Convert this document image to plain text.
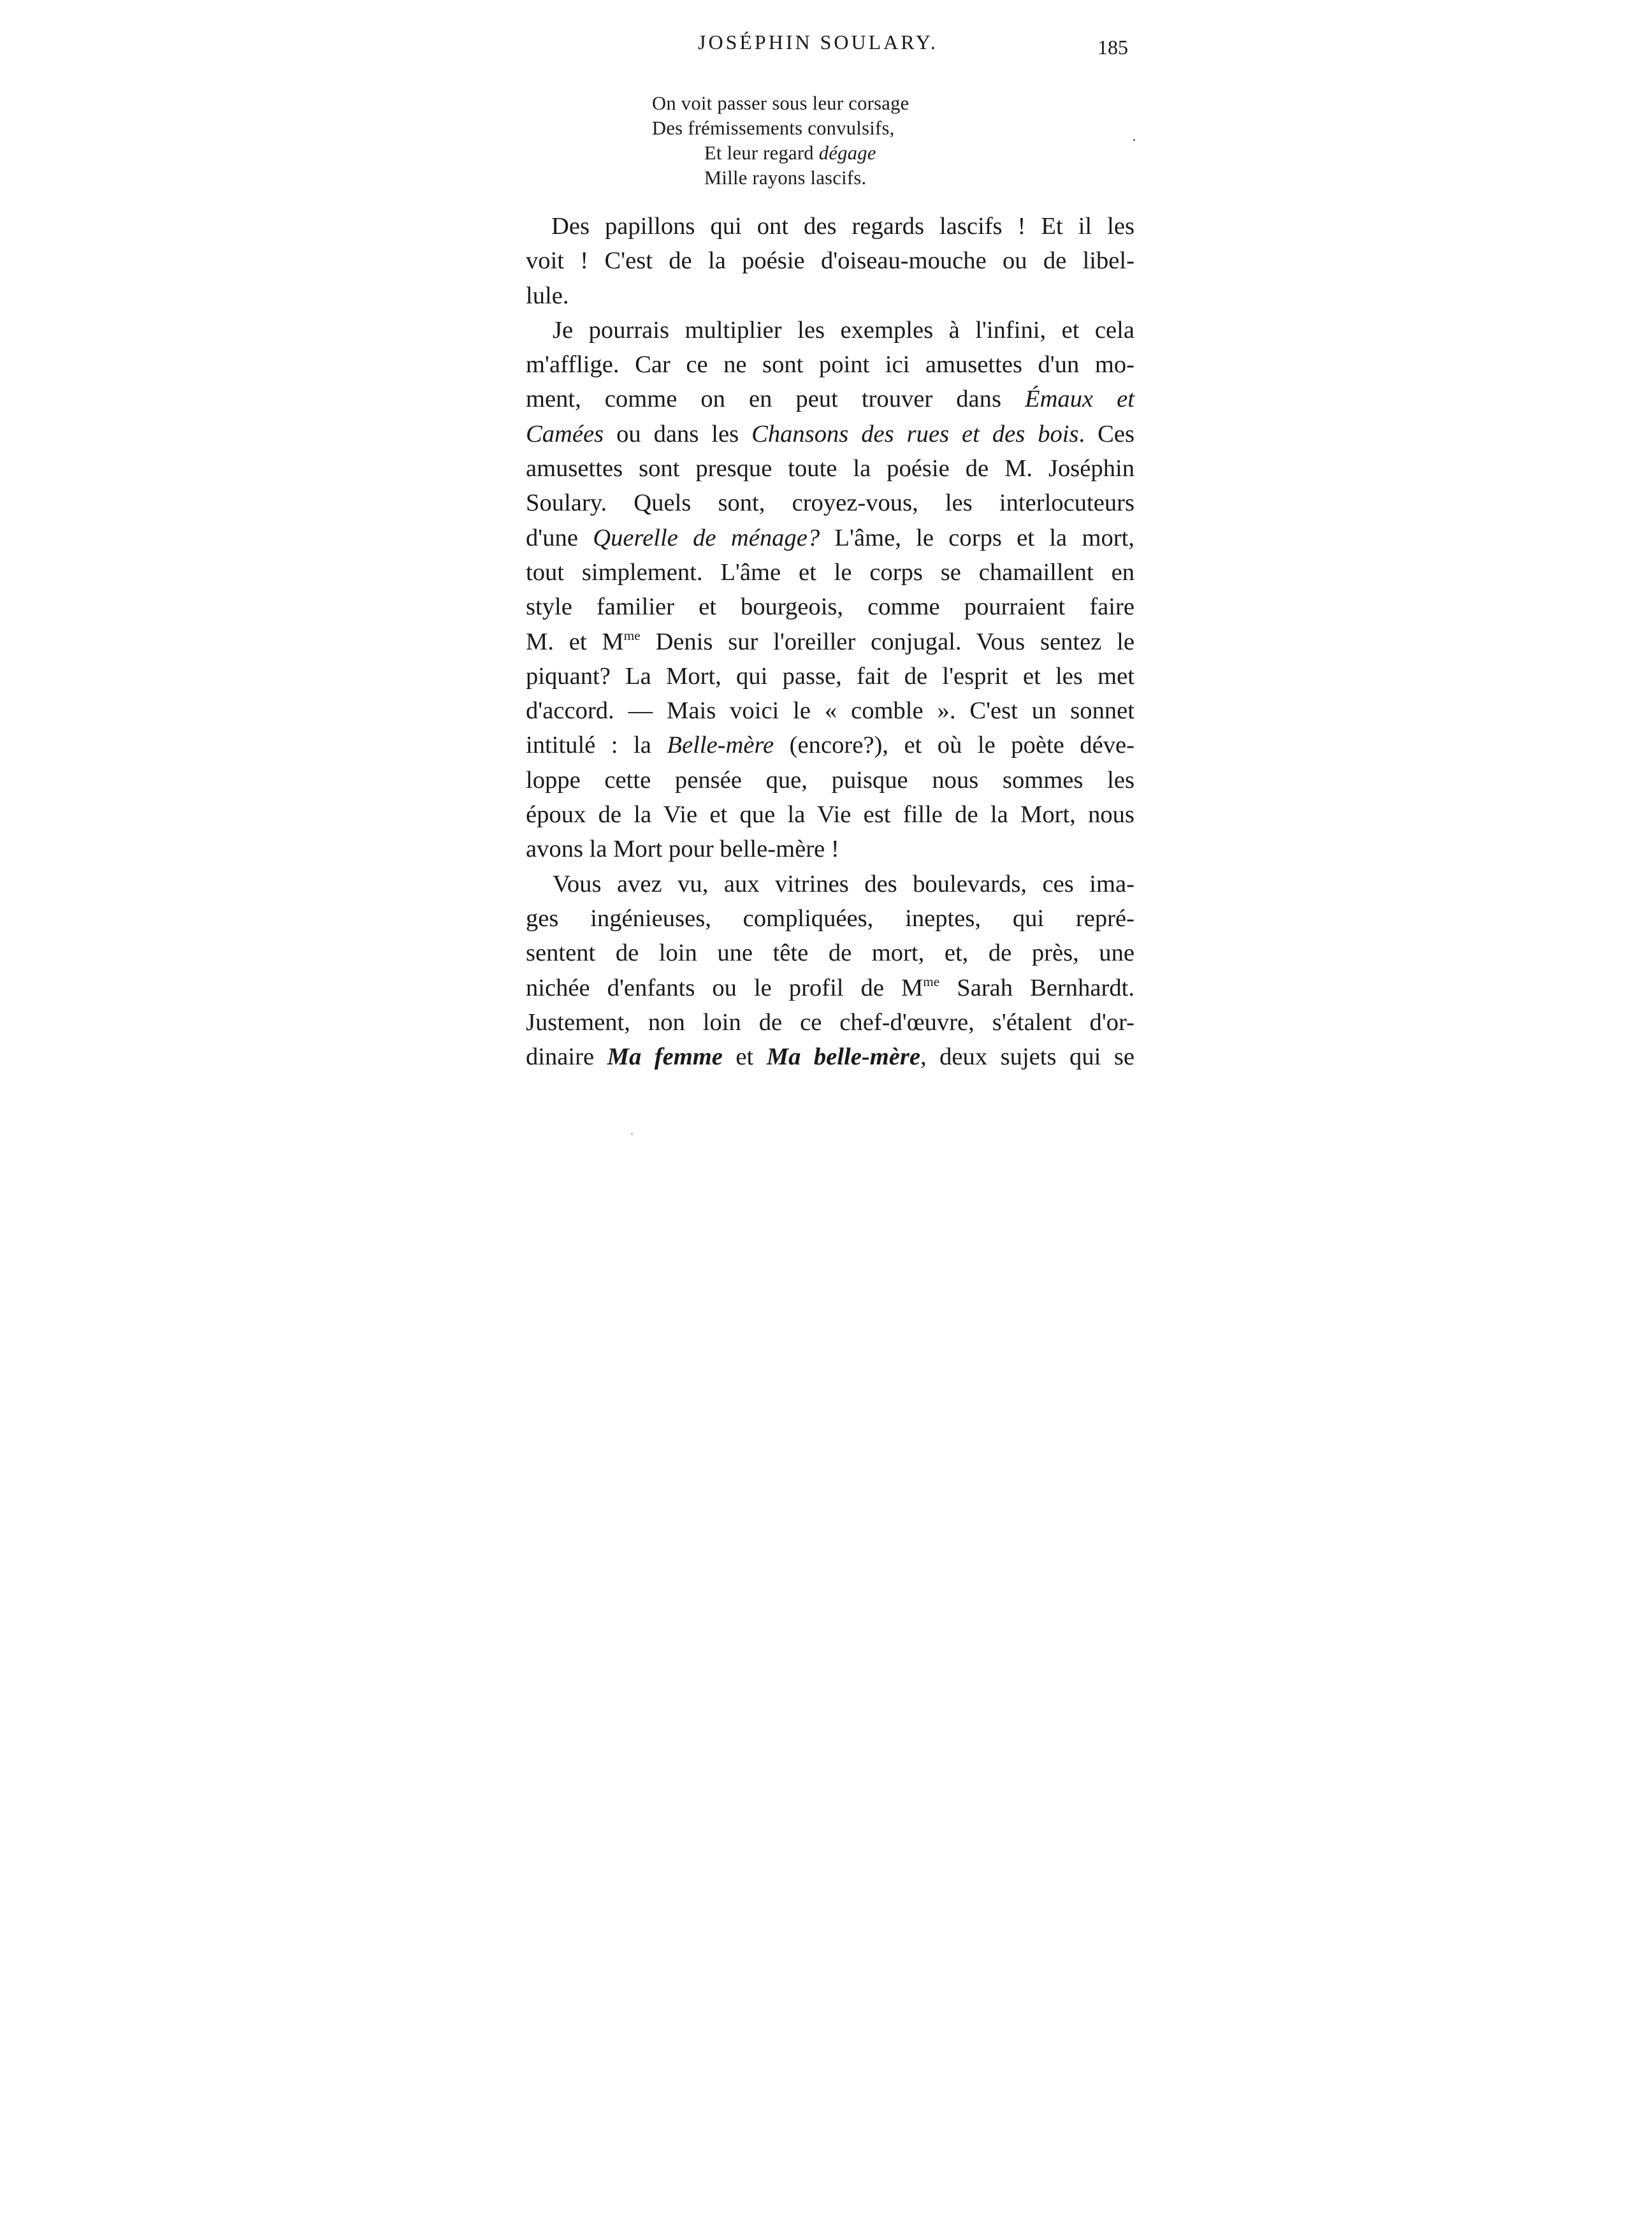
JOSÉPHIN SOULARY.	185
On voit passer sous leur corsage
Des frémissements convulsifs,
Et leur regard dégage
Mille rayons lascifs.

Des papillons qui ont des regards lascifs ! Et il les
voit ! C'est de la poésie d'oiseau-mouche ou de libel-
lule.

Je pourrais multiplier les exemples à l'infini, et cela
m'afflige. Car ce ne sont point ici amusettes d'un mo-
ment, comme on en peut trouver dans Émaux et
Camées ou dans les Chansons des rues et des bois. Ces
amusettes sont presque toute la poésie de M. Joséphin
Soulary. Quels sont, croyez-vous, les interlocuteurs
d'une Querelle de ménage? L'âme, le corps et la mort,
tout simplement. L'âme et le corps se chamaillent en
style familier et bourgeois, comme pourraient faire
M. et $M^{me}$ Denis sur l'oreiller conjugal. Vous sentez le
piquant? La Mort, qui passe, fait de l'esprit et les met
d'accord. — Mais voici le « comble ». C'est un sonnet
intitulé : la Belle-mère (encore?), et où le poète déve-
loppe cette pensée que, puisque nous sommes les
époux de la Vie et que la Vie est fille de la Mort, nous
avons la Mort pour belle-mère !

Vous avez vu, aux vitrines des boulevards, ces ima-
ges ingénieuses, compliquées, ineptes, qui repré-
sentent de loin une tête de mort, et, de près, une
nichée d'enfants ou le profil de $M^{me}$ Sarah Bernhardt.
Justement, non loin de ce chef-d'œuvre, s'étalent d'or-
dinaire Ma femme et Ma belle-mère, deux sujets qui se
